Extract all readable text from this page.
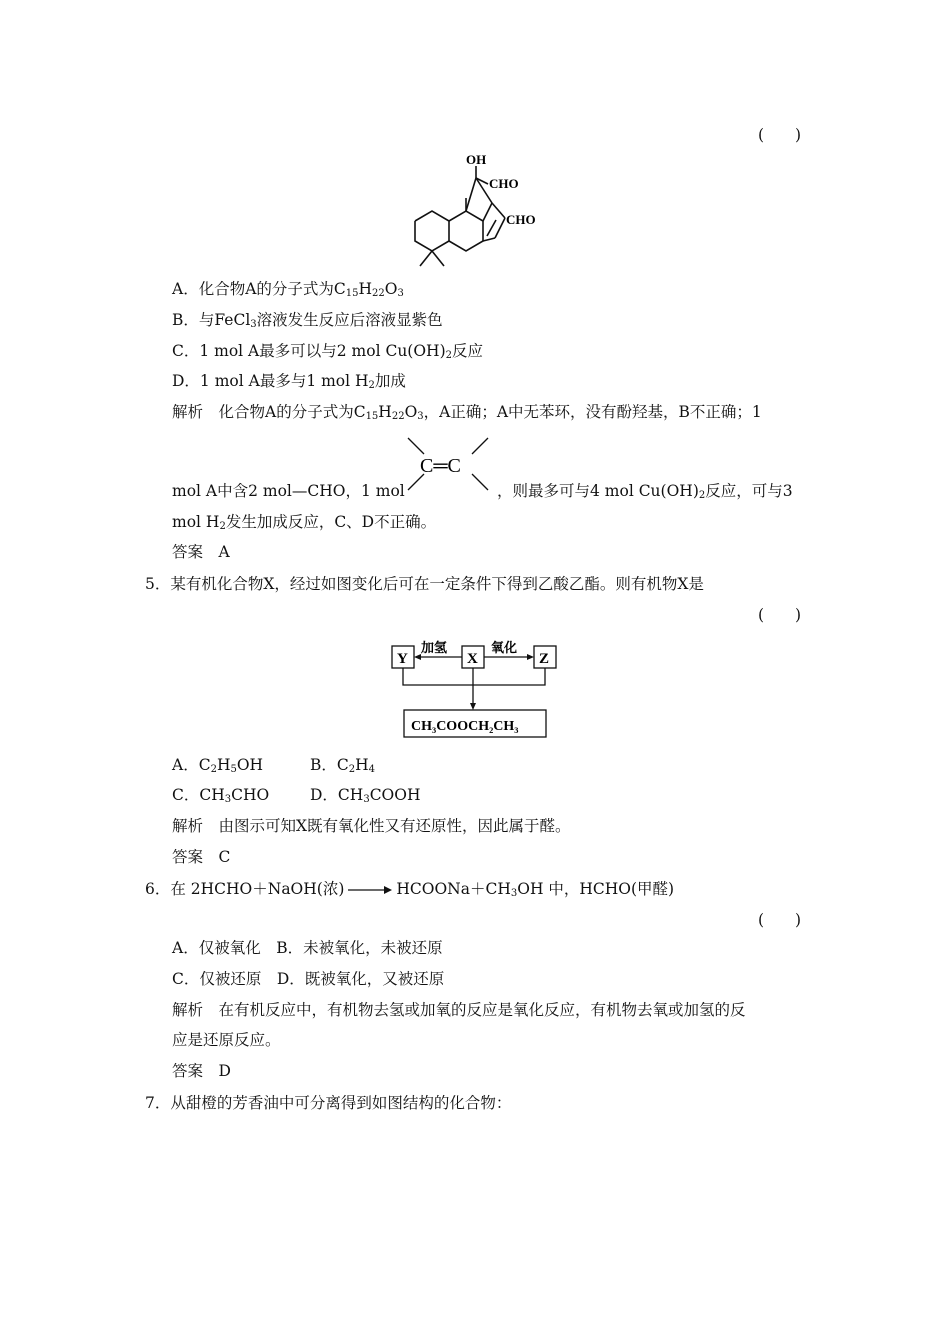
(　　)
OH
CHO
CHO
A．化合物A的分子式为$C_{15}H_{22}O_3$
B．与FeCl$_3$溶液发生反应后溶液显紫色
C．1 mol A最多可以与2 mol $Cu(OH)_2$反应
D．1 mol A最多与1 mol $H_2$加成
解析　化合物A的分子式为$C_{15}H_{22}O_3$，A正确；A中无苯环，没有酚羟基，B不正确；1
C═C
mol A中含2 mol—CHO，1 mol	，则最多可与4 mol $Cu(OH)_2$反应，可与3
mol $H_2$发生加成反应，C、D不正确。
答案　A
5．某有机化合物X，经过如图变化后可在一定条件下得到乙酸乙酯。则有机物X是
(　　)
Y	X	Z
加氢	氧化
CH₃COOCH₂CH₃
A．$C_2H_5OH$	B．$C_2H_4$
C．$CH_3CHO$	D．$CH_3COOH$
解析　由图示可知X既有氧化性又有还原性，因此属于醛。
答案　C
6．在 2HCHO＋NaOH(浓) → $HCOONa+CH_3OH$ 中，HCHO(甲醛)
(　　)
A．仅被氧化　B．未被氧化，未被还原
C．仅被还原　D．既被氧化，又被还原
解析　在有机反应中，有机物去氢或加氧的反应是氧化反应，有机物去氧或加氢的反
应是还原反应。
答案　D
7．从甜橙的芳香油中可分离得到如图结构的化合物：
